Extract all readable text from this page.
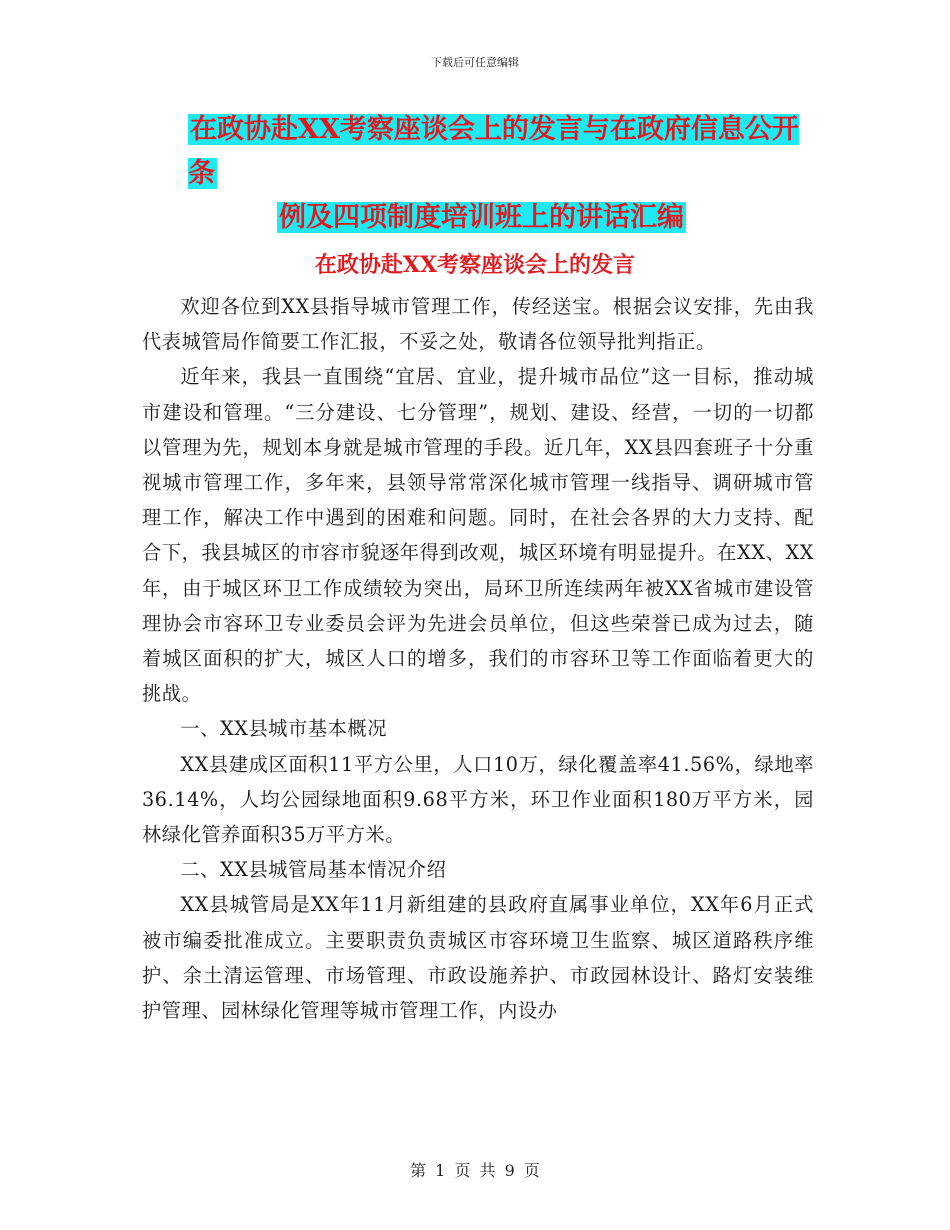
下载后可任意编辑
在政协赴XX考察座谈会上的发言与在政府信息公开条
例及四项制度培训班上的讲话汇编
在政协赴XX考察座谈会上的发言

欢迎各位到XX县指导城市管理工作，传经送宝。根据会议安排，先由我代表城管局作简要工作汇报，不妥之处，敬请各位领导批判指正。

近年来，我县一直围绕“宜居、宜业，提升城市品位”这一目标，推动城市建设和管理。“三分建设、七分管理”，规划、建设、经营，一切的一切都以管理为先，规划本身就是城市管理的手段。近几年，XX县四套班子十分重视城市管理工作，多年来，县领导常常深化城市管理一线指导、调研城市管理工作，解决工作中遇到的困难和问题。同时，在社会各界的大力支持、配合下，我县城区的市容市貌逐年得到改观，城区环境有明显提升。在XX、XX年，由于城区环卫工作成绩较为突出，局环卫所连续两年被XX省城市建设管理协会市容环卫专业委员会评为先进会员单位，但这些荣誉已成为过去，随着城区面积的扩大，城区人口的增多，我们的市容环卫等工作面临着更大的挑战。

一、XX县城市基本概况

XX县建成区面积11平方公里，人口10万，绿化覆盖率41.56%，绿地率36.14%，人均公园绿地面积9.68平方米，环卫作业面积180万平方米，园林绿化管养面积35万平方米。

二、XX县城管局基本情况介绍

XX县城管局是XX年11月新组建的县政府直属事业单位，XX年6月正式被市编委批准成立。主要职责负责城区市容环境卫生监察、城区道路秩序维护、余土清运管理、市场管理、市政设施养护、市政园林设计、路灯安装维护管理、园林绿化管理等城市管理工作，内设办

第 1 页 共 9 页
